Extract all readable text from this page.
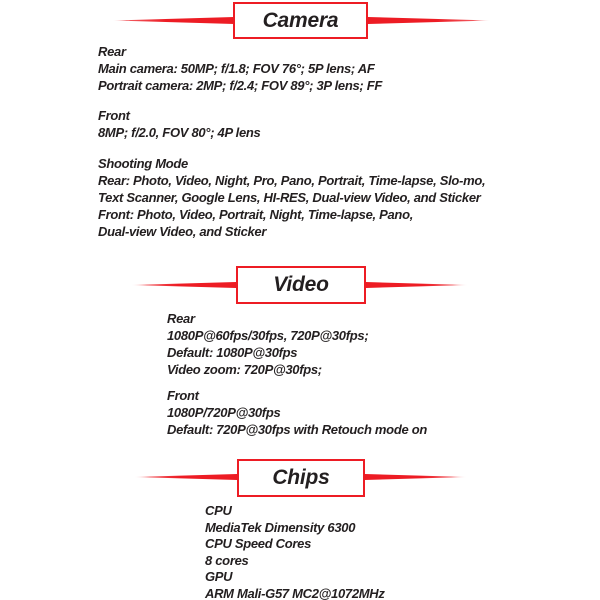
Camera
Rear
Main camera: 50MP; f/1.8; FOV 76°; 5P lens; AF
Portrait camera: 2MP; f/2.4; FOV 89°; 3P lens; FF
Front
8MP; f/2.0, FOV 80°; 4P lens
Shooting Mode
Rear: Photo, Video, Night, Pro, Pano, Portrait, Time-lapse, Slo-mo,
Text Scanner, Google Lens, HI-RES, Dual-view Video, and Sticker
Front: Photo, Video, Portrait, Night, Time-lapse, Pano,
Dual-view Video, and Sticker
Video
Rear
1080P@60fps/30fps, 720P@30fps;
Default: 1080P@30fps
Video zoom: 720P@30fps;
Front
1080P/720P@30fps
Default: 720P@30fps with Retouch mode on
Chips
CPU
MediaTek Dimensity 6300
CPU Speed Cores
8 cores
GPU
ARM Mali-G57 MC2@1072MHz
